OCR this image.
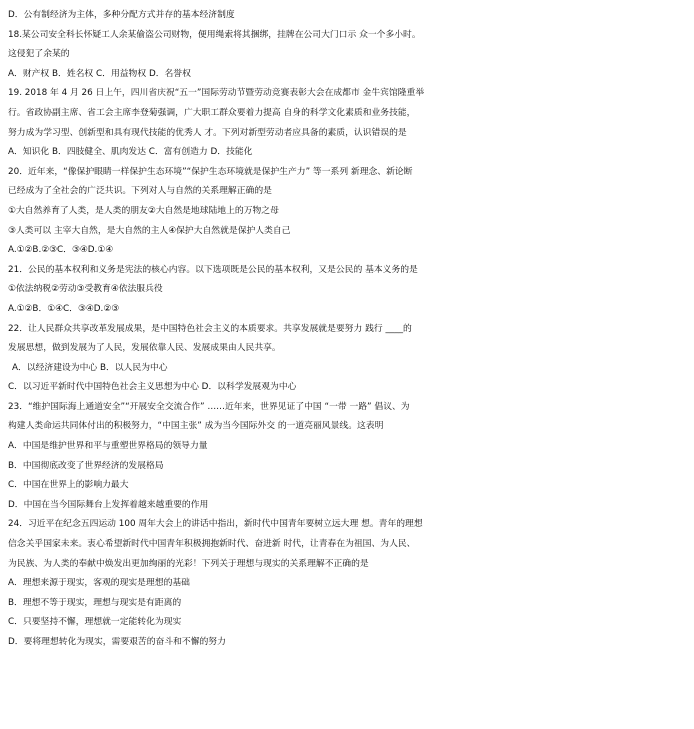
D．公有制经济为主体，多种分配方式并存的基本经济制度

18.某公司安全科长怀疑工人余某偷盗公司财物，便用绳索将其捆绑，挂牌在公司大门口示 众一个多小时。

这侵犯了余某的

A．财产权 B．姓名权 C．用益物权 D．名誉权

19. 2018 年 4 月 26 日上午，四川省庆祝“五一”国际劳动节暨劳动竞赛表彰大会在成都市 金牛宾馆隆重举

行。省政协副主席、省工会主席李登菊强调，广大职工群众要着力提高 自身的科学文化素质和业务技能，

努力成为学习型、创新型和具有现代技能的优秀人 才。下列对新型劳动者应具备的素质，认识错误的是

A．知识化 B．四肢健全、肌肉发达 C．富有创造力 D．技能化

20．近年来，“像保护眼睛一样保护生态环境”“保护生态环境就是保护生产力” 等一系列 新理念、新论断

已经成为了全社会的广泛共识。下列对人与自然的关系理解正确的是

①大自然养育了人类，是人类的朋友②大自然是地球陆地上的万物之母

③人类可以 主宰大自然，是大自然的主人④保护大自然就是保护人类自己

A.①②B.②③C．③④D.①④

21．公民的基本权利和义务是宪法的核心内容。以下选项既是公民的基本权利，又是公民的 基本义务的是

①依法纳税②劳动③受教育④依法服兵役

A.①②B．①④C．③④D.②③

22．让人民群众共享改革发展成果，是中国特色社会主义的本质要求。共享发展就是要努力 践行 ____的

发展思想，做到发展为了人民，发展依靠人民、发展成果由人民共享。

A．以经济建设为中心 B．以人民为中心

C．以习近平新时代中国特色社会主义思想为中心 D．以科学发展观为中心

23．“维护国际海上通道安全”“开展安全交流合作” ……近年来，世界见证了中国 “一带 一路” 倡议、为

构建人类命运共同体付出的积极努力，“中国主张” 成为当今国际外交 的一道亮丽风景线。这表明

A．中国是维护世界和平与重塑世界格局的领导力量

B．中国彻底改变了世界经济的发展格局

C．中国在世界上的影响力最大

D．中国在当今国际舞台上发挥着越来越重要的作用

24．习近平在纪念五四运动 100 周年大会上的讲话中指出，新时代中国青年要树立远大理 想。青年的理想

信念关乎国家未来。衷心希望新时代中国青年积极拥抱新时代、奋进新 时代，让青春在为祖国、为人民、

为民族、为人类的奉献中焕发出更加绚丽的光彩！下列关于理想与现实的关系理解不正确的是

A．理想来源于现实，客观的现实是理想的基础

B．理想不等于现实，理想与现实是有距离的

C．只要坚持不懈，理想就一定能转化为现实

D．要将理想转化为现实，需要艰苦的奋斗和不懈的努力
